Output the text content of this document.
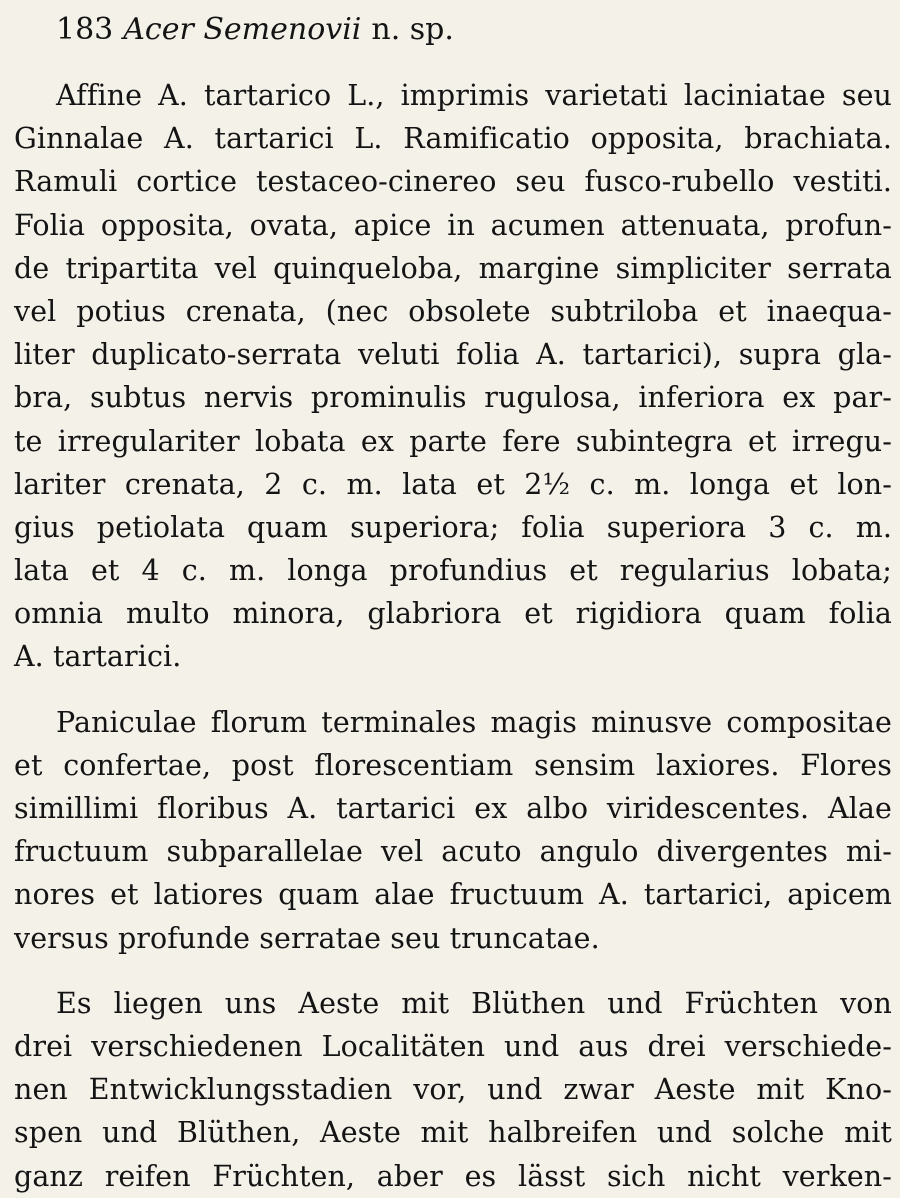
183 Acer Semenovii n. sp.
Affine A. tartarico L., imprimis varietati laciniatae seu
Ginnalae A. tartarici L. Ramificatio opposita, brachiata.
Ramuli cortice testaceo-cinereo seu fusco-rubello vestiti.
Folia opposita, ovata, apice in acumen attenuata, profun-
de tripartita vel quinqueloba, margine simpliciter serrata
vel potius crenata, (nec obsolete subtriloba et inaequa-
liter duplicato-serrata veluti folia A. tartarici), supra gla-
bra, subtus nervis prominulis rugulosa, inferiora ex par-
te irregulariter lobata ex parte fere subintegra et irregu-
lariter crenata, 2 c. m. lata et 2½ c. m. longa et lon-
gius petiolata quam superiora; folia superiora 3 c. m.
lata et 4 c. m. longa profundius et regularius lobata;
omnia multo minora, glabriora et rigidiora quam folia
A. tartarici.
Paniculae florum terminales magis minusve compositae
et confertae, post florescentiam sensim laxiores. Flores
simillimi floribus A. tartarici ex albo viridescentes. Alae
fructuum subparallelae vel acuto angulo divergentes mi-
nores et latiores quam alae fructuum A. tartarici, apicem
versus profunde serratae seu truncatae.
Es liegen uns Aeste mit Blüthen und Früchten von
drei verschiedenen Localitäten und aus drei verschiede-
nen Entwicklungsstadien vor, und zwar Aeste mit Kno-
spen und Blüthen, Aeste mit halbreifen und solche mit
ganz reifen Früchten, aber es lässt sich nicht verken-
